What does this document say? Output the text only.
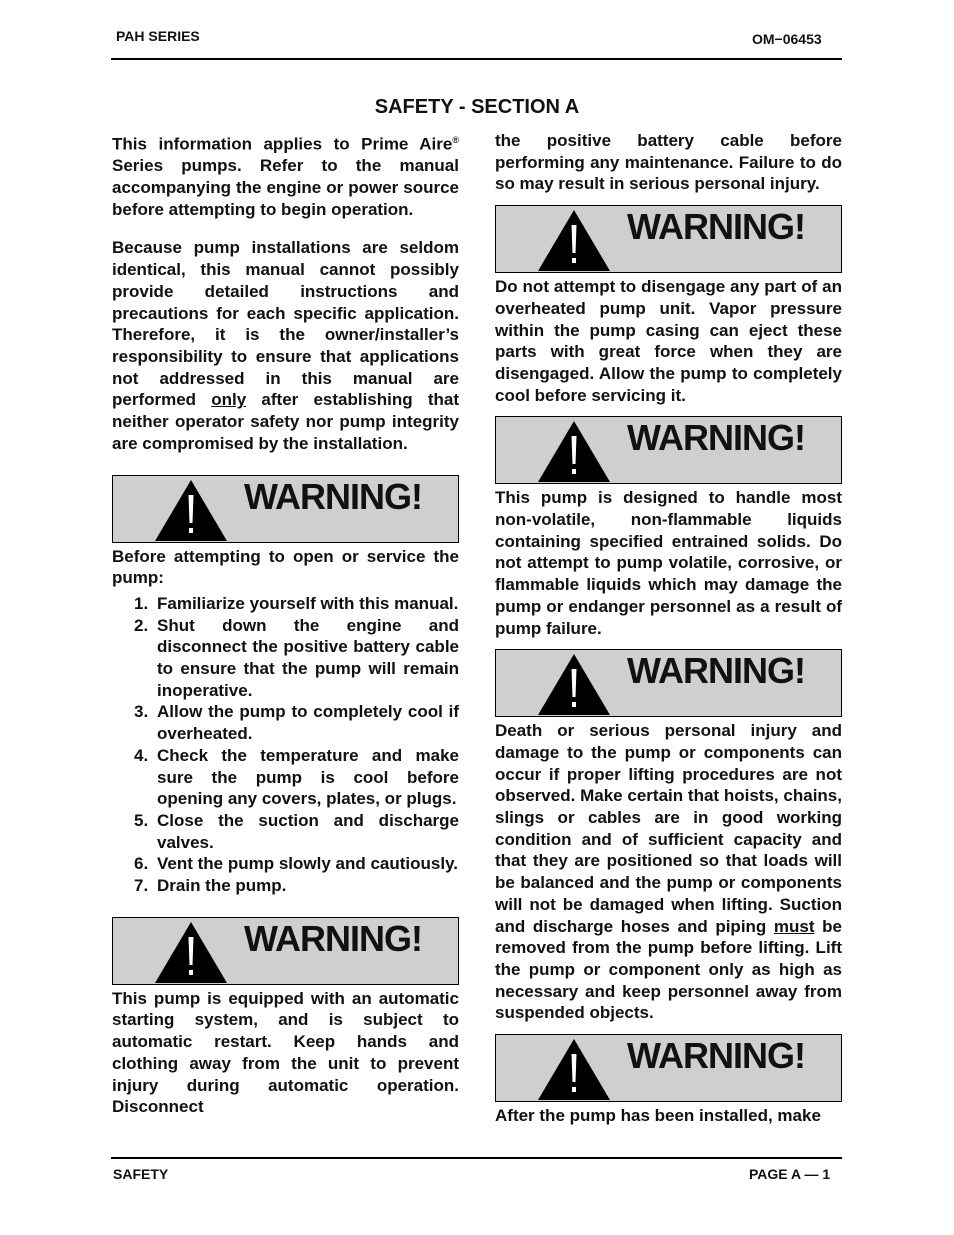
PAH SERIES	OM−06453
SAFETY - SECTION A

This information applies to Prime Aire® Series pumps. Refer to the manual accompanying the engine or power source before attempting to begin operation.

Because pump installations are seldom identical, this manual cannot possibly provide detailed instructions and precautions for each specific application. Therefore, it is the owner/installer’s responsibility to ensure that applications not addressed in this manual are performed only after establishing that neither operator safety nor pump integrity are compromised by the installation.

WARNING!

Before attempting to open or service the pump:

1. Familiarize yourself with this manual.
2. Shut down the engine and disconnect the positive battery cable to ensure that the pump will remain inoperative.
3. Allow the pump to completely cool if overheated.
4. Check the temperature and make sure the pump is cool before opening any covers, plates, or plugs.
5. Close the suction and discharge valves.
6. Vent the pump slowly and cautiously.
7. Drain the pump.
WARNING!

This pump is equipped with an automatic starting system, and is subject to automatic restart. Keep hands and clothing away from the unit to prevent injury during automatic operation. Disconnect

the positive battery cable before performing any maintenance. Failure to do so may result in serious personal injury.

WARNING!

Do not attempt to disengage any part of an overheated pump unit. Vapor pressure within the pump casing can eject these parts with great force when they are disengaged. Allow the pump to completely cool before servicing it.

WARNING!

This pump is designed to handle most non-volatile, non-flammable liquids containing specified entrained solids. Do not attempt to pump volatile, corrosive, or flammable liquids which may damage the pump or endanger personnel as a result of pump failure.

WARNING!

Death or serious personal injury and damage to the pump or components can occur if proper lifting procedures are not observed. Make certain that hoists, chains, slings or cables are in good working condition and of sufficient capacity and that they are positioned so that loads will be balanced and the pump or components will not be damaged when lifting. Suction and discharge hoses and piping must be removed from the pump before lifting. Lift the pump or component only as high as necessary and keep personnel away from suspended objects.

WARNING!

After the pump has been installed, make

SAFETY	PAGE A — 1
